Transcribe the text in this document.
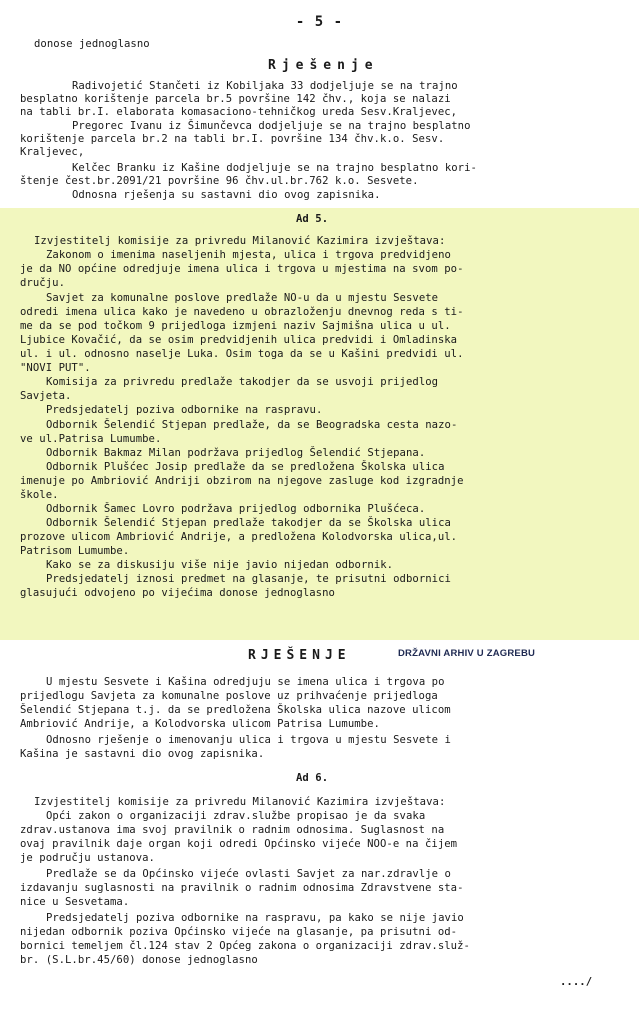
- 5 -
donose jednoglasno
Rješenje
Radivojetić Stančeti iz Kobiljaka 33 dodjeljuje se na trajno
besplatno korištenje parcela br.5 površine 142 čhv., koja se nalazi
na tabli br.I. elaborata komasaciono-tehničkog ureda Sesv.Kraljevec,
Pregorec Ivanu iz Šimunčevca dodjeljuje se na trajno besplatno
korištenje parcela br.2 na tabli br.I. površine 134 čhv.k.o. Sesv.
Kraljevec,
Kelčec Branku iz Kašine dodjeljuje se na trajno besplatno kori-
štenje čest.br.2091/21 površine 96 čhv.ul.br.762 k.o. Sesvete.
Odnosna rješenja su sastavni dio ovog zapisnika.
Ad 5.
Izvjestitelj komisije za privredu Milanović Kazimira izvještava:
Zakonom o imenima naseljenih mjesta, ulica i trgova predvidjeno
je da NO općine odredjuje imena ulica i trgova u mjestima na svom po-
dručju.
Savjet za komunalne poslove predlaže NO-u da u mjestu Sesvete
odredi imena ulica kako je navedeno u obrazloženju dnevnog reda s ti-
me da se pod točkom 9 prijedloga izmjeni naziv Sajmišna ulica u ul.
Ljubice Kovačić, da se osim predvidjenih ulica predvidi i Omladinska
ul. i ul. odnosno naselje Luka. Osim toga da se u Kašini predvidi ul.
"NOVI PUT".
Komisija za privredu predlaže takodjer da se usvoji prijedlog
Savjeta.
Predsjedatelj poziva odbornike na raspravu.
Odbornik Šelendić Stjepan predlaže, da se Beogradska cesta nazo-
ve ul.Patrisa Lumumbe.
Odbornik Bakmaz Milan podržava prijedlog Šelendić Stjepana.
Odbornik Plušćec Josip predlaže da se predložena Školska ulica
imenuje po Ambriović Andriji obzirom na njegove zasluge kod izgradnje
škole.
Odbornik Šamec Lovro podržava prijedlog odbornika Plušćeca.
Odbornik Šelendić Stjepan predlaže takodjer da se Školska ulica
prozove ulicom Ambriović Andrije, a predložena Kolodvorska ulica,ul.
Patrisom Lumumbe.
Kako se za diskusiju više nije javio nijedan odbornik.
Predsjedatelj iznosi predmet na glasanje, te prisutni odbornici
glasujući odvojeno po vijećima donose jednoglasno
RJEŠENJE	DRŽAVNI ARHIV U ZAGREBU
U mjestu Sesvete i Kašina odredjuju se imena ulica i trgova po
prijedlogu Savjeta za komunalne poslove uz prihvaćenje prijedloga
Šelendić Stjepana t.j. da se predložena Školska ulica nazove ulicom
Ambriović Andrije, a Kolodvorska ulicom Patrisa Lumumbe.
Odnosno rješenje o imenovanju ulica i trgova u mjestu Sesvete i
Kašina je sastavni dio ovog zapisnika.
Ad 6.
Izvjestitelj komisije za privredu Milanović Kazimira izvještava:
Opći zakon o organizaciji zdrav.službe propisao je da svaka
zdrav.ustanova ima svoj pravilnik o radnim odnosima. Suglasnost na
ovaj pravilnik daje organ koji odredi Općinsko vijeće NOO-e na čijem
je području ustanova.
Predlaže se da Općinsko vijeće ovlasti Savjet za nar.zdravlje o
izdavanju suglasnosti na pravilnik o radnim odnosima Zdravstvene sta-
nice u Sesvetama.
Predsjedatelj poziva odbornike na raspravu, pa kako se nije javio
nijedan odbornik poziva Općinsko vijeće na glasanje, pa prisutni od-
bornici temeljem čl.124 stav 2 Općeg zakona o organizaciji zdrav.služ-
br. (S.L.br.45/60) donose jednoglasno
..../
